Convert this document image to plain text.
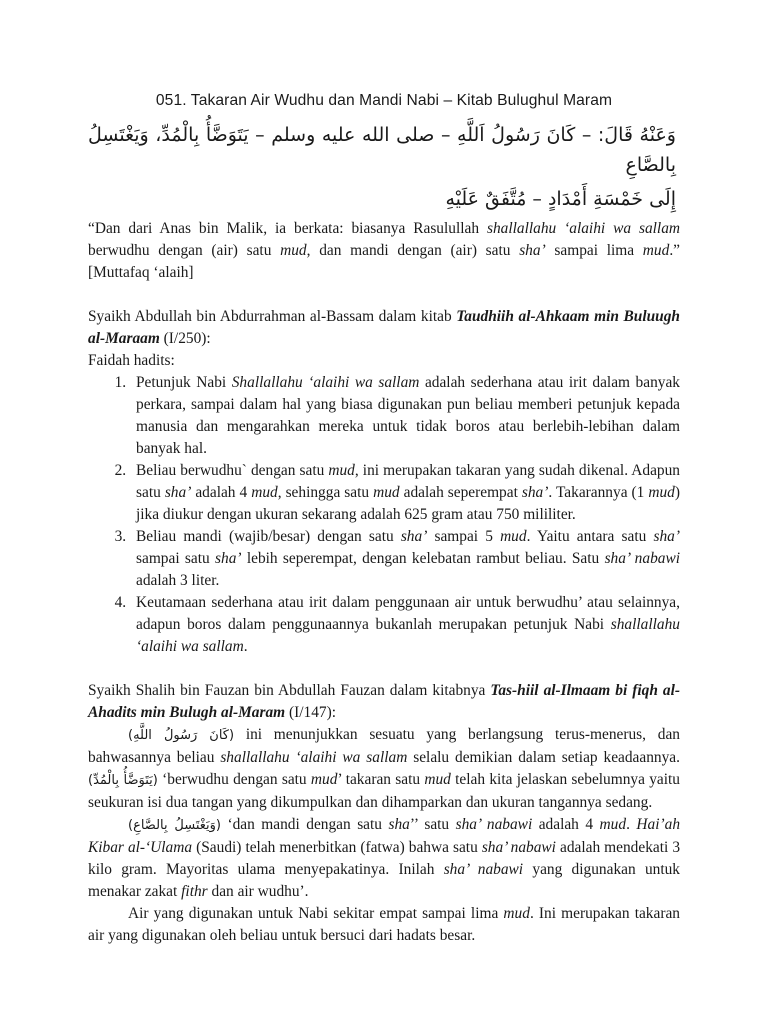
051. Takaran Air Wudhu dan Mandi Nabi – Kitab Bulughul Maram
وَعَنْهُ قَالَ: – كَانَ رَسُولُ اَللَّهِ – صلى الله عليه وسلم – يَتَوَضَّأُ بِالْمُدِّ، وَيَغْتَسِلُ بِالصَّاعِ
إِلَى خَمْسَةِ أَمْدَادٍ – مُتَّفَقٌ عَلَيْهِ

“Dan dari Anas bin Malik, ia berkata: biasanya Rasulullah shallallahu ‘alaihi wa sallam berwudhu dengan (air) satu mud, dan mandi dengan (air) satu sha’ sampai lima mud.” [Muttafaq ‘alaih]

Syaikh Abdullah bin Abdurrahman al-Bassam dalam kitab Taudhiih al-Ahkaam min Buluugh al-Maraam (I/250):

Faidah hadits:

1. Petunjuk Nabi Shallallahu ‘alaihi wa sallam adalah sederhana atau irit dalam banyak perkara, sampai dalam hal yang biasa digunakan pun beliau memberi petunjuk kepada manusia dan mengarahkan mereka untuk tidak boros atau berlebih-lebihan dalam banyak hal.
2. Beliau berwudhu` dengan satu mud, ini merupakan takaran yang sudah dikenal. Adapun satu sha’ adalah 4 mud, sehingga satu mud adalah seperempat sha’. Takarannya (1 mud) jika diukur dengan ukuran sekarang adalah 625 gram atau 750 mililiter.
3. Beliau mandi (wajib/besar) dengan satu sha’ sampai 5 mud. Yaitu antara satu sha’ sampai satu sha’ lebih seperempat, dengan kelebatan rambut beliau. Satu sha’ nabawi adalah 3 liter.
4. Keutamaan sederhana atau irit dalam penggunaan air untuk berwudhu’ atau selainnya, adapun boros dalam penggunaannya bukanlah merupakan petunjuk Nabi shallallahu ‘alaihi wa sallam.

Syaikh Shalih bin Fauzan bin Abdullah Fauzan dalam kitabnya Tas-hiil al-Ilmaam bi fiqh al-Ahadits min Bulugh al-Maram (I/147):

(كَانَ رَسُولُ اللَّهِ) ini menunjukkan sesuatu yang berlangsung terus-menerus, dan bahwasannya beliau shallallahu ‘alaihi wa sallam selalu demikian dalam setiap keadaannya. (يَتَوَضَّأُ بِالْمُدِّ) ‘berwudhu dengan satu mud’ takaran satu mud telah kita jelaskan sebelumnya yaitu seukuran isi dua tangan yang dikumpulkan dan dihamparkan dan ukuran tangannya sedang.

(وَيَغْتَسِلُ بِالصَّاعِ) ‘dan mandi dengan satu sha’’ satu sha’ nabawi adalah 4 mud. Hai’ah Kibar al-‘Ulama (Saudi) telah menerbitkan (fatwa) bahwa satu sha’ nabawi adalah mendekati 3 kilo gram. Mayoritas ulama menyepakatinya. Inilah sha’ nabawi yang digunakan untuk menakar zakat fithr dan air wudhu’.

Air yang digunakan untuk Nabi sekitar empat sampai lima mud. Ini merupakan takaran air yang digunakan oleh beliau untuk bersuci dari hadats besar.
